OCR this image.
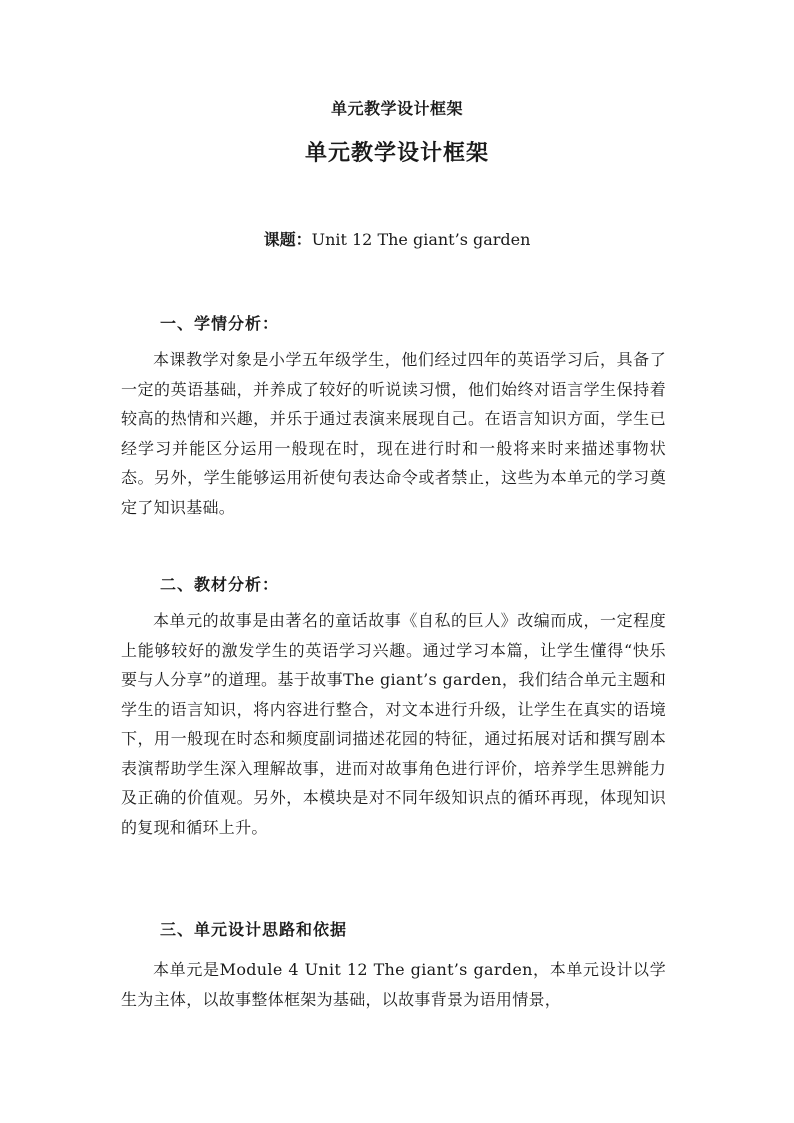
单元教学设计框架
单元教学设计框架
课题：Unit 12 The giant’s garden
一、学情分析：
本课教学对象是小学五年级学生，他们经过四年的英语学习后，具备了一定的英语基础，并养成了较好的听说读习惯，他们始终对语言学生保持着较高的热情和兴趣，并乐于通过表演来展现自己。在语言知识方面，学生已经学习并能区分运用一般现在时，现在进行时和一般将来时来描述事物状态。另外，学生能够运用祈使句表达命令或者禁止，这些为本单元的学习奠定了知识基础。
二、教材分析：
本单元的故事是由著名的童话故事《自私的巨人》改编而成，一定程度上能够较好的激发学生的英语学习兴趣。通过学习本篇，让学生懂得“快乐要与人分享”的道理。基于故事The giant’s garden，我们结合单元主题和学生的语言知识，将内容进行整合，对文本进行升级，让学生在真实的语境下，用一般现在时态和频度副词描述花园的特征，通过拓展对话和撰写剧本表演帮助学生深入理解故事，进而对故事角色进行评价，培养学生思辨能力及正确的价值观。另外，本模块是对不同年级知识点的循环再现，体现知识的复现和循环上升。
三、单元设计思路和依据
本单元是Module 4 Unit 12 The giant’s garden，本单元设计以学生为主体，以故事整体框架为基础，以故事背景为语用情景，
